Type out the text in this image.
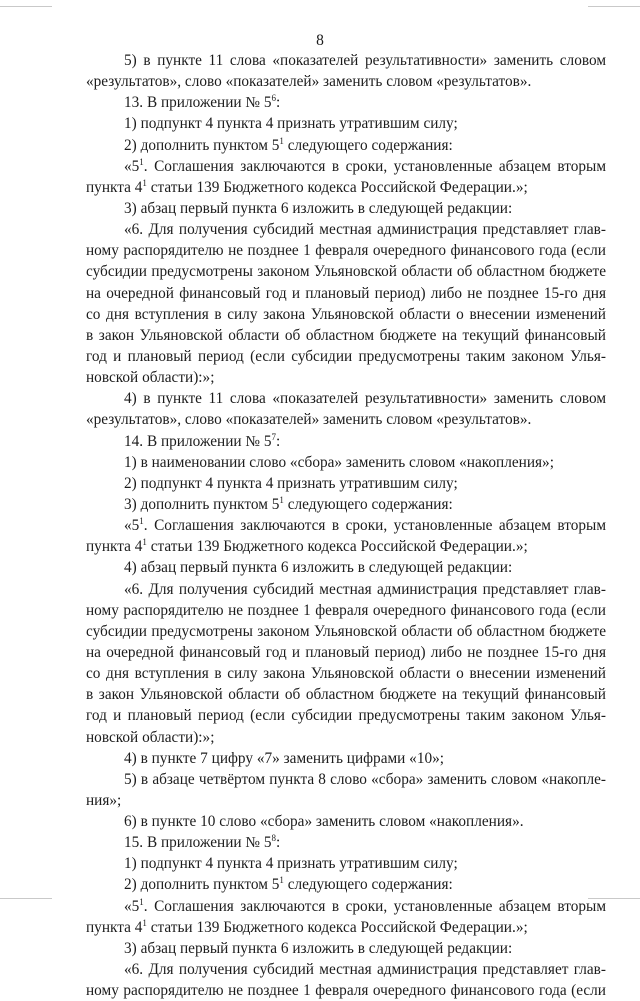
8
5) в пункте 11 слова «показателей результативности» заменить словом
«результатов», слово «показателей» заменить словом «результатов».
13. В приложении № $5^6$:
1) подпункт 4 пункта 4 признать утратившим силу;
2) дополнить пунктом $5^1$ следующего содержания:
«$5^1$. Соглашения заключаются в сроки, установленные абзацем вторым
пункта $4^1$ статьи 139 Бюджетного кодекса Российской Федерации.»;
3) абзац первый пункта 6 изложить в следующей редакции:
«6. Для получения субсидий местная администрация представляет глав-
ному распорядителю не позднее 1 февраля очередного финансового года (если
субсидии предусмотрены законом Ульяновской области об областном бюджете
на очередной финансовый год и плановый период) либо не позднее 15-го дня
со дня вступления в силу закона Ульяновской области о внесении изменений
в закон Ульяновской области об областном бюджете на текущий финансовый
год и плановый период (если субсидии предусмотрены таким законом Улья-
новской области):»;
4) в пункте 11 слова «показателей результативности» заменить словом
«результатов», слово «показателей» заменить словом «результатов».
14. В приложении № $5^7$:
1) в наименовании слово «сбора» заменить словом «накопления»;
2) подпункт 4 пункта 4 признать утратившим силу;
3) дополнить пунктом $5^1$ следующего содержания:
«$5^1$. Соглашения заключаются в сроки, установленные абзацем вторым
пункта $4^1$ статьи 139 Бюджетного кодекса Российской Федерации.»;
4) абзац первый пункта 6 изложить в следующей редакции:
«6. Для получения субсидий местная администрация представляет глав-
ному распорядителю не позднее 1 февраля очередного финансового года (если
субсидии предусмотрены законом Ульяновской области об областном бюджете
на очередной финансовый год и плановый период) либо не позднее 15-го дня
со дня вступления в силу закона Ульяновской области о внесении изменений
в закон Ульяновской области об областном бюджете на текущий финансовый
год и плановый период (если субсидии предусмотрены таким законом Улья-
новской области):»;
4) в пункте 7 цифру «7» заменить цифрами «10»;
5) в абзаце четвёртом пункта 8 слово «сбора» заменить словом «накопле-
ния»;
6) в пункте 10 слово «сбора» заменить словом «накопления».
15. В приложении № $5^8$:
1) подпункт 4 пункта 4 признать утратившим силу;
2) дополнить пунктом $5^1$ следующего содержания:
«$5^1$. Соглашения заключаются в сроки, установленные абзацем вторым
пункта $4^1$ статьи 139 Бюджетного кодекса Российской Федерации.»;
3) абзац первый пункта 6 изложить в следующей редакции:
«6. Для получения субсидий местная администрация представляет глав-
ному распорядителю не позднее 1 февраля очередного финансового года (если
